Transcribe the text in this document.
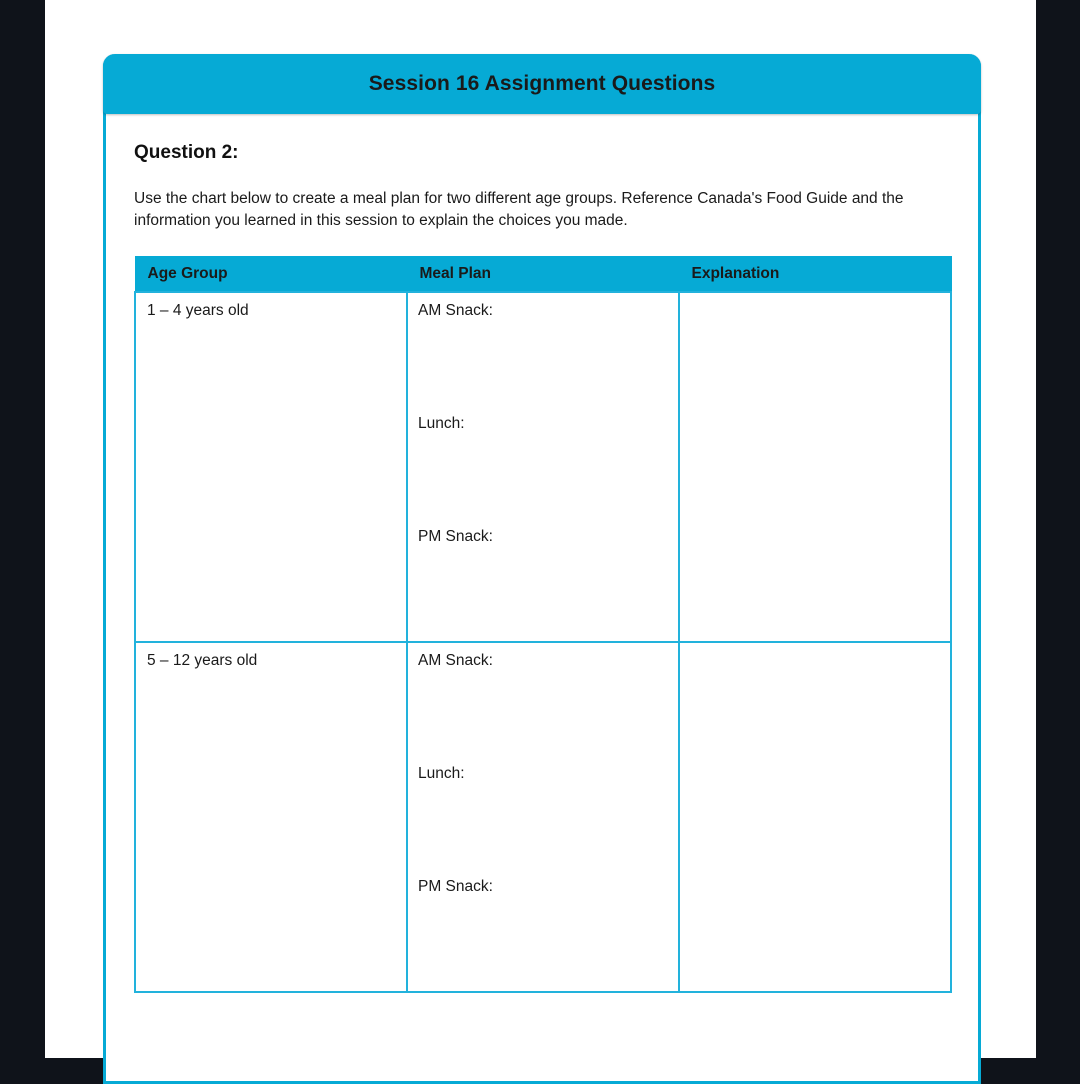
Session 16 Assignment Questions
Question 2:

Use the chart below to create a meal plan for two different age groups. Reference Canada's Food Guide and the information you learned in this session to explain the choices you made.

Age Group	Meal Plan	Explanation

1 – 4 years old	AM Snack:
Lunch:
PM Snack:	

5 – 12 years old	AM Snack:
Lunch:
PM Snack:	
